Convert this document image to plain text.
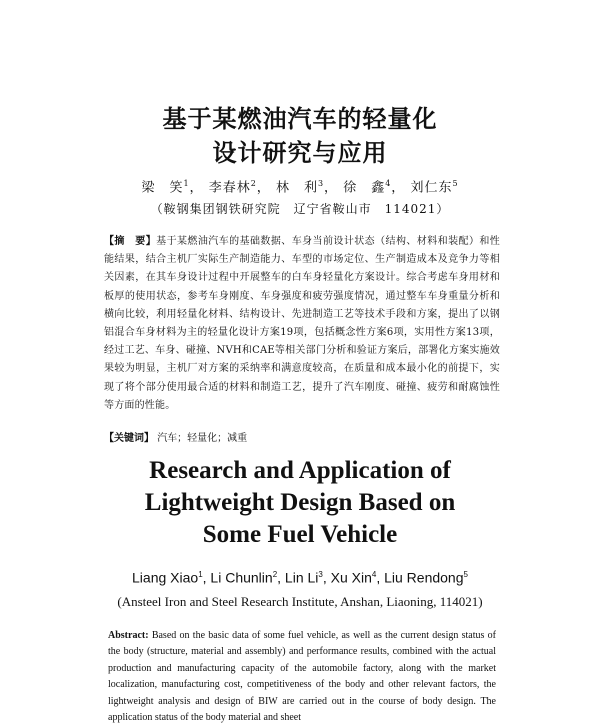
基于某燃油汽车的轻量化
设计研究与应用
梁　笑$^1$， 李春林$^2$， 林　利$^3$， 徐　鑫$^4$， 刘仁东$^5$
（鞍钢集团钢铁研究院　辽宁省鞍山市　114021）
【摘　要】基于某燃油汽车的基础数据、车身当前设计状态（结构、材料和装配）和性能结果，结合主机厂实际生产制造能力、车型的市场定位、生产制造成本及竞争力等相关因素，在其车身设计过程中开展整车的白车身轻量化方案设计。综合考虑车身用材和板厚的使用状态，参考车身刚度、车身强度和疲劳强度情况，通过整车车身重量分析和横向比较，利用轻量化材料、结构设计、先进制造工艺等技术手段和方案，提出了以钢铝混合车身材料为主的轻量化设计方案19项，包括概念性方案6项，实用性方案13项，经过工艺、车身、碰撞、NVH和CAE等相关部门分析和验证方案后，部署化方案实施效果较为明显，主机厂对方案的采纳率和满意度较高，在质量和成本最小化的前提下，实现了将个部分使用最合适的材料和制造工艺，提升了汽车刚度、碰撞、疲劳和耐腐蚀性等方面的性能。
【关键词】 汽车；轻量化；减重
Research and Application of
Lightweight Design Based on
Some Fuel Vehicle
Liang Xiao$^1$, Li Chunlin$^2$, Lin Li$^3$, Xu Xin$^4$, Liu Rendong$^5$
(Ansteel Iron and Steel Research Institute, Anshan, Liaoning, 114021)
Abstract: Based on the basic data of some fuel vehicle, as well as the current design status of the body (structure, material and assembly) and performance results, combined with the actual production and manufacturing capacity of the automobile factory, along with the market localization, manufacturing cost, competitiveness of the body and other relevant factors, the lightweight analysis and design of BIW are carried out in the course of body design. The application status of the body material and sheet
